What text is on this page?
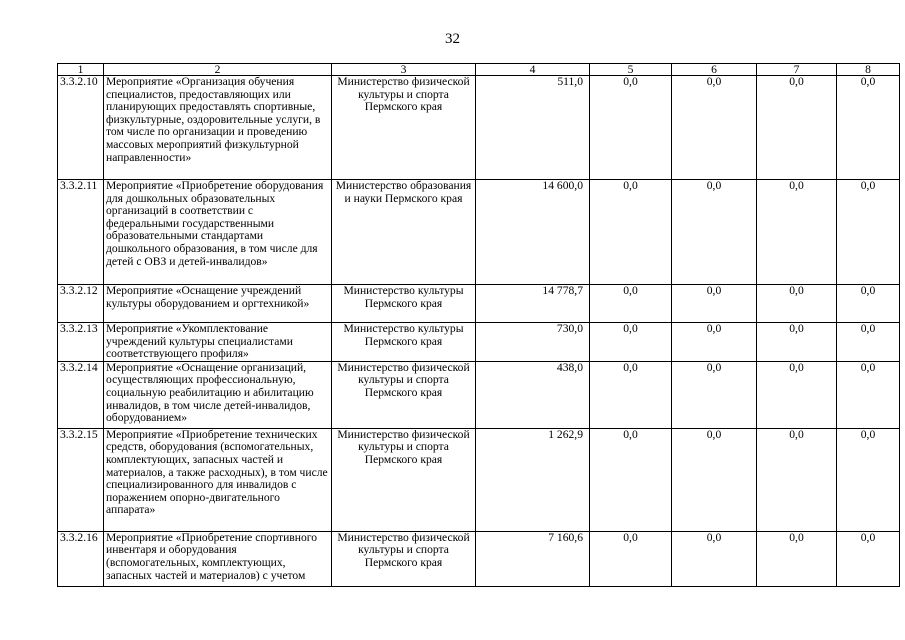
32
1	2	3	4	5	6	7	8
3.3.2.10	Мероприятие «Организация обучения специалистов, предоставляющих или планирующих предоставлять спортивные, физкультурные, оздоровительные услуги, в том числе по организации и проведению массовых мероприятий физкультурной направленности»	Министерство физической культуры и спорта Пермского края	511,0	0,0	0,0	0,0	0,0
3.3.2.11	Мероприятие «Приобретение оборудования для дошкольных образовательных организаций в соответствии с федеральными государственными образовательными стандартами дошкольного образования, в том числе для детей с ОВЗ и детей-инвалидов»	Министерство образования и науки Пермского края	14 600,0	0,0	0,0	0,0	0,0
3.3.2.12	Мероприятие «Оснащение учреждений культуры оборудованием и оргтехникой»	Министерство культуры Пермского края	14 778,7	0,0	0,0	0,0	0,0
3.3.2.13	Мероприятие «Укомплектование учреждений культуры специалистами соответствующего профиля»	Министерство культуры Пермского края	730,0	0,0	0,0	0,0	0,0
3.3.2.14	Мероприятие «Оснащение организаций, осуществляющих профессиональную, социальную реабилитацию и абилитацию инвалидов, в том числе детей-инвалидов, оборудованием»	Министерство физической культуры и спорта Пермского края	438,0	0,0	0,0	0,0	0,0
3.3.2.15	Мероприятие «Приобретение технических средств, оборудования (вспомогательных, комплектующих, запасных частей и материалов, а также расходных), в том числе специализированного для инвалидов с поражением опорно-двигательного аппарата»	Министерство физической культуры и спорта Пермского края	1 262,9	0,0	0,0	0,0	0,0
3.3.2.16	Мероприятие «Приобретение спортивного инвентаря и оборудования (вспомогательных, комплектующих, запасных частей и материалов) с учетом	Министерство физической культуры и спорта Пермского края	7 160,6	0,0	0,0	0,0	0,0
